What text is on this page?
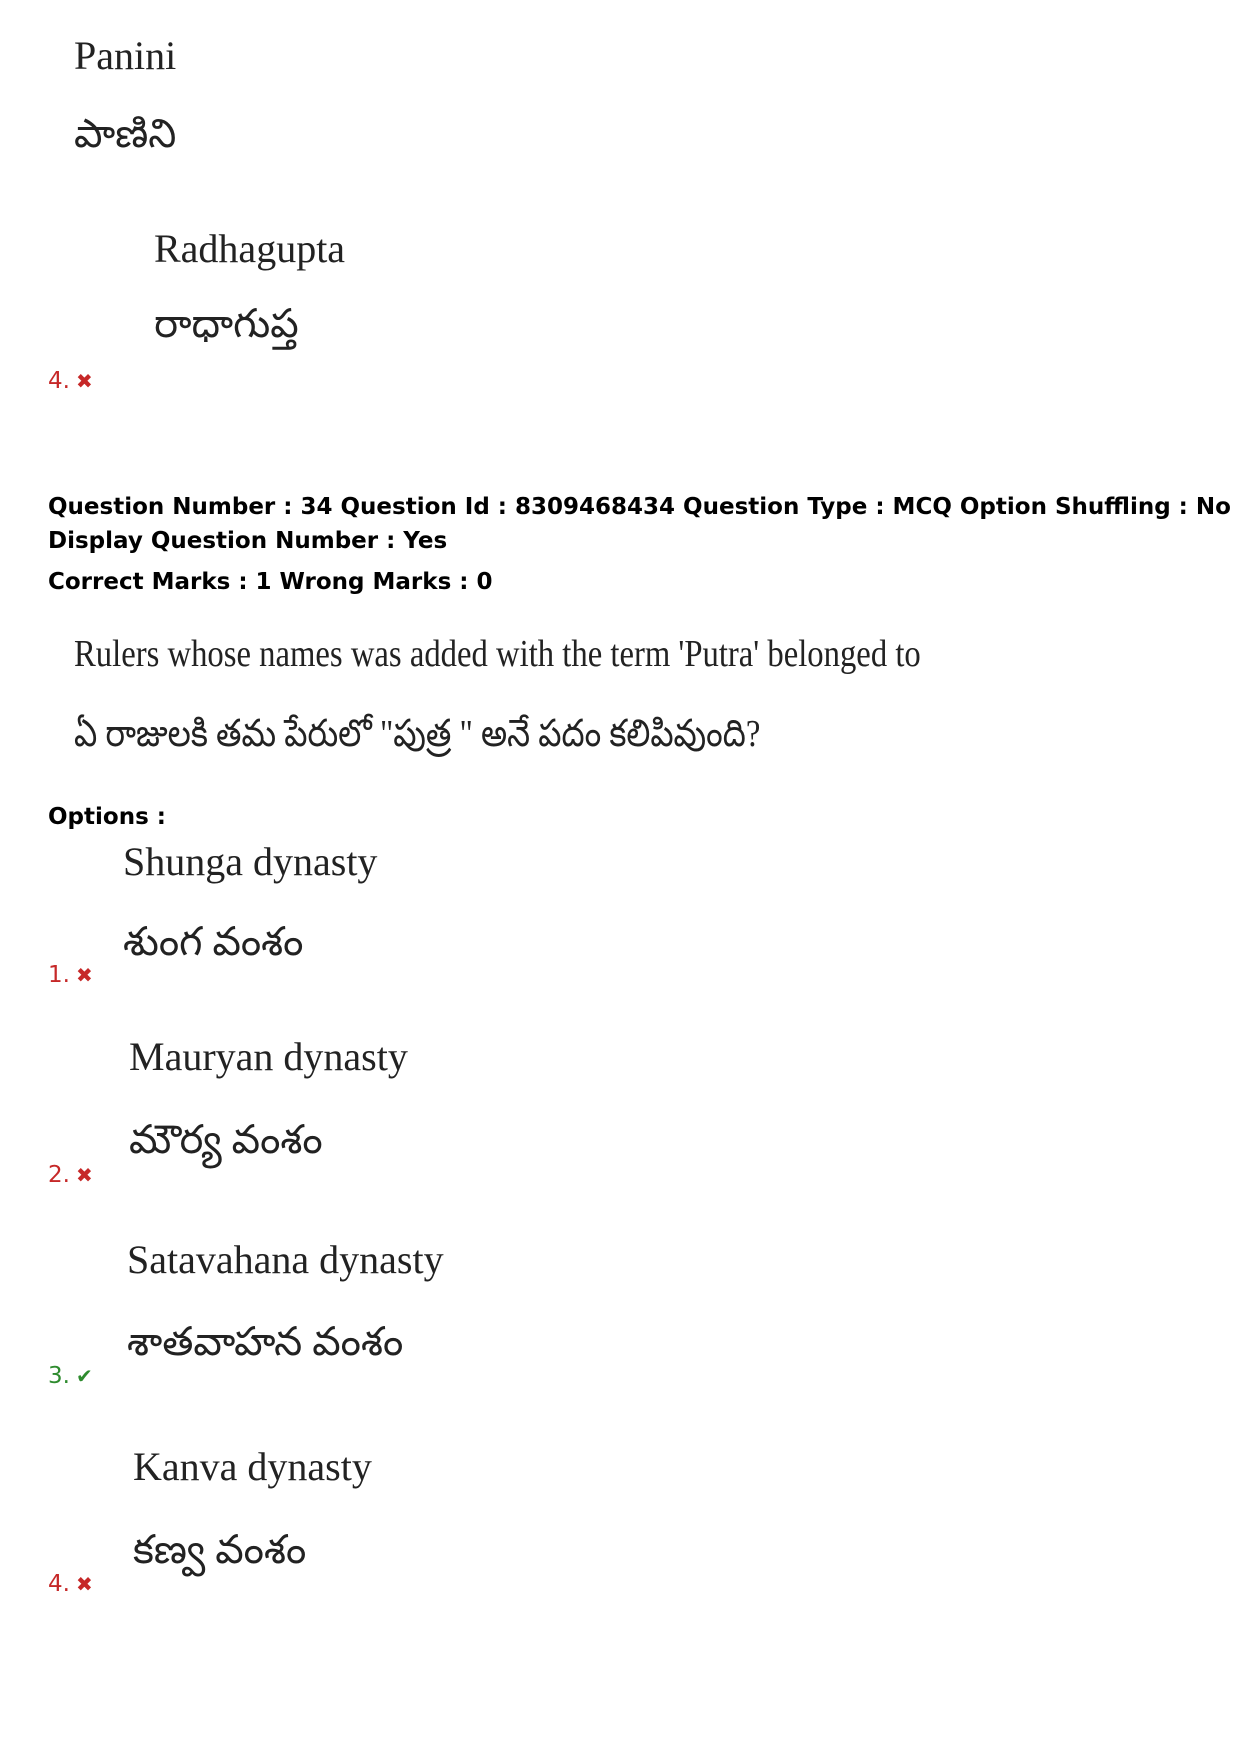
Panini
పాణిని
Radhagupta
రాధాగుప్త
4. ✖
Question Number : 34 Question Id : 8309468434 Question Type : MCQ Option Shuffling : No
Display Question Number : Yes
Correct Marks : 1 Wrong Marks : 0
Rulers whose names was added with the term 'Putra' belonged to
ఏ రాజులకి తమ పేరులో "పుత్ర " అనే పదం కలిపివుంది?
Options :
Shunga dynasty
శుంగ వంశం
1. ✖
Mauryan dynasty
మౌర్య వంశం
2. ✖
Satavahana dynasty
శాతవాహన వంశం
3. ✔
Kanva dynasty
కణ్వ వంశం
4. ✖
